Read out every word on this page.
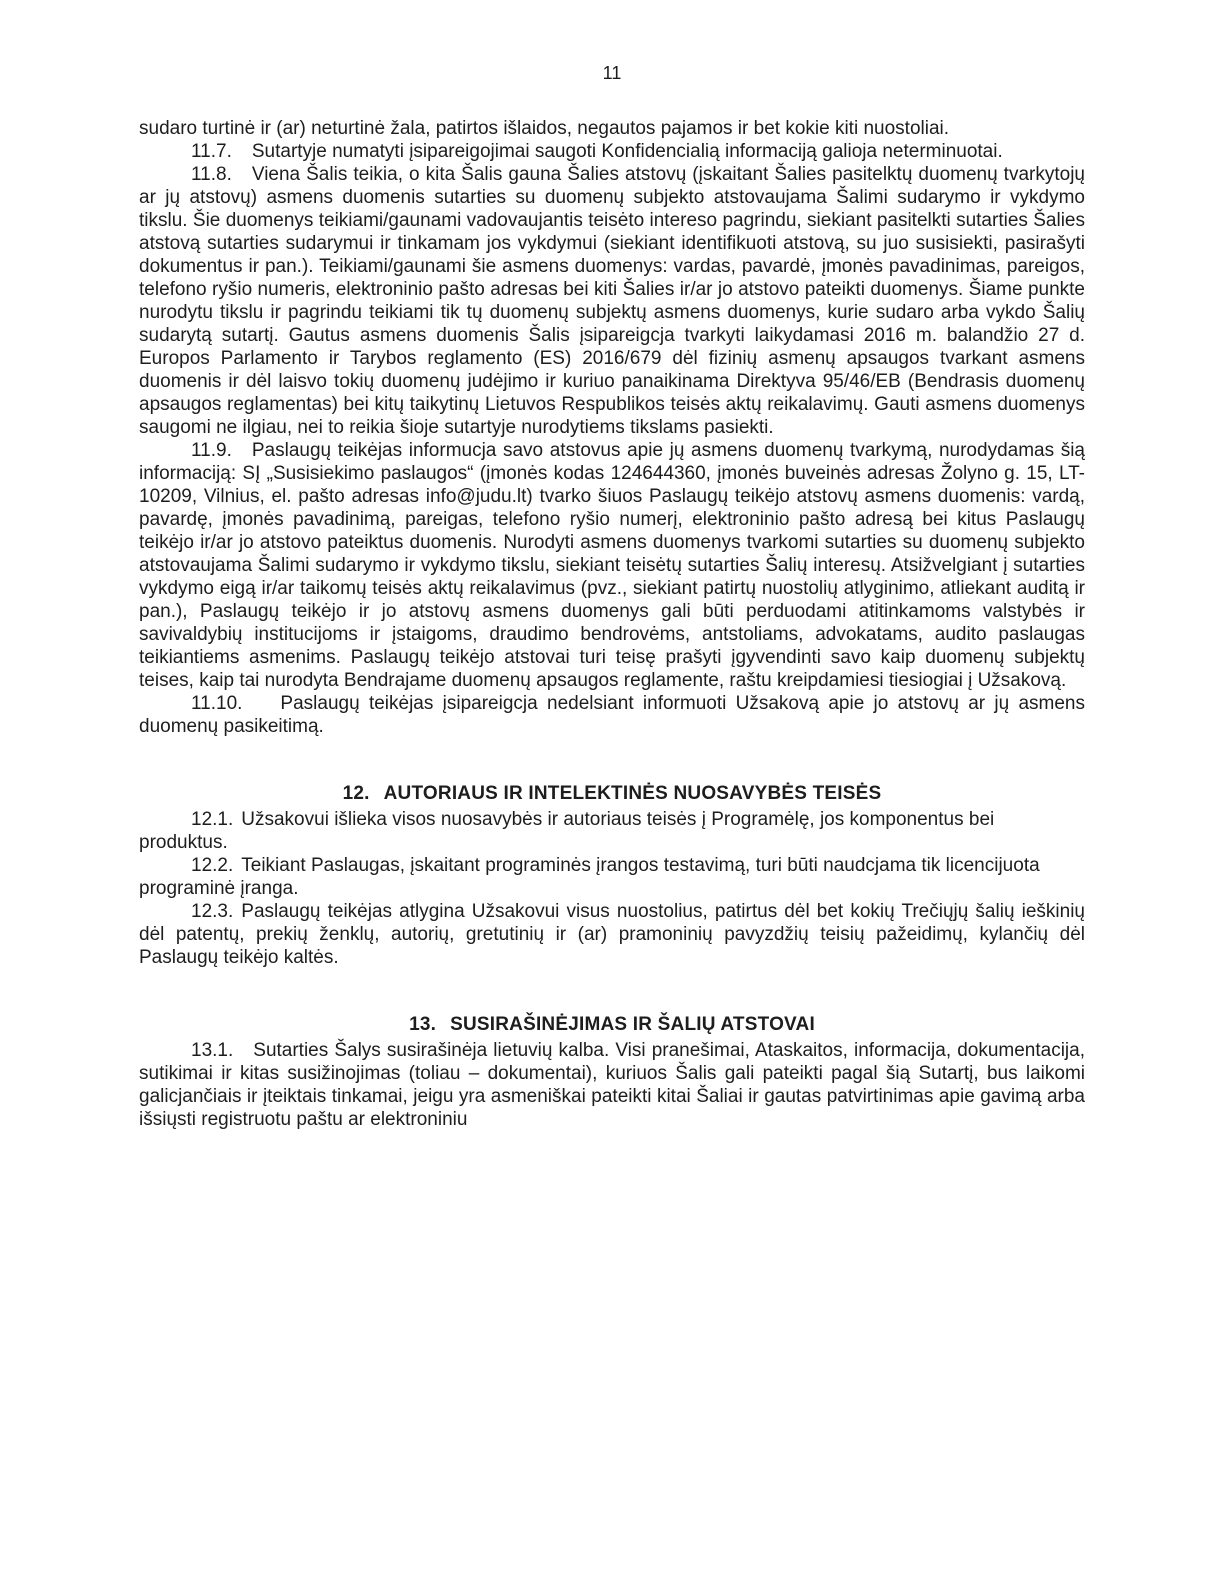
11

sudaro turtinė ir (ar) neturtinė žala, patirtos išlaidos, negautos pajamos ir bet kokie kiti nuostoliai.

11.7. Sutartyje numatyti įsipareigojimai saugoti Konfidencialią informaciją galioja neterminuotai.

11.8. Viena Šalis teikia, o kita Šalis gauna Šalies atstovų (įskaitant Šalies pasitelktų duomenų tvarkytojų ar jų atstovų) asmens duomenis sutarties su duomenų subjekto atstovaujama Šalimi sudarymo ir vykdymo tikslu. Šie duomenys teikiami/gaunami vadovaujantis teisėto intereso pagrindu, siekiant pasitelkti sutarties Šalies atstovą sutarties sudarymui ir tinkamam jos vykdymui (siekiant identifikuoti atstovą, su juo susisiekti, pasirašyti dokumentus ir pan.). Teikiami/gaunami šie asmens duomenys: vardas, pavardė, įmonės pavadinimas, pareigos, telefono ryšio numeris, elektroninio pašto adresas bei kiti Šalies ir/ar jo atstovo pateikti duomenys. Šiame punkte nurodytu tikslu ir pagrindu teikiami tik tų duomenų subjektų asmens duomenys, kurie sudaro arba vykdo Šalių sudarytą sutartį. Gautus asmens duomenis Šalis įsipareigcja tvarkyti laikydamasi 2016 m. balandžio 27 d. Europos Parlamento ir Tarybos reglamento (ES) 2016/679 dėl fizinių asmenų apsaugos tvarkant asmens duomenis ir dėl laisvo tokių duomenų judėjimo ir kuriuo panaikinama Direktyva 95/46/EB (Bendrasis duomenų apsaugos reglamentas) bei kitų taikytinų Lietuvos Respublikos teisės aktų reikalavimų. Gauti asmens duomenys saugomi ne ilgiau, nei to reikia šioje sutartyje nurodytiems tikslams pasiekti.

11.9. Paslaugų teikėjas informucja savo atstovus apie jų asmens duomenų tvarkymą, nurodydamas šią informaciją: SĮ „Susisiekimo paslaugos“ (įmonės kodas 124644360, įmonės buveinės adresas Žolyno g. 15, LT-10209, Vilnius, el. pašto adresas info@judu.lt) tvarko šiuos Paslaugų teikėjo atstovų asmens duomenis: vardą, pavardę, įmonės pavadinimą, pareigas, telefono ryšio numerį, elektroninio pašto adresą bei kitus Paslaugų teikėjo ir/ar jo atstovo pateiktus duomenis. Nurodyti asmens duomenys tvarkomi sutarties su duomenų subjekto atstovaujama Šalimi sudarymo ir vykdymo tikslu, siekiant teisėtų sutarties Šalių interesų. Atsižvelgiant į sutarties vykdymo eigą ir/ar taikomų teisės aktų reikalavimus (pvz., siekiant patirtų nuostolių atlyginimo, atliekant auditą ir pan.), Paslaugų teikėjo ir jo atstovų asmens duomenys gali būti perduodami atitinkamoms valstybės ir savivaldybių institucijoms ir įstaigoms, draudimo bendrovėms, antstoliams, advokatams, audito paslaugas teikiantiems asmenims. Paslaugų teikėjo atstovai turi teisę prašyti įgyvendinti savo kaip duomenų subjektų teises, kaip tai nurodyta Bendrajame duomenų apsaugos reglamente, raštu kreipdamiesi tiesiogiai į Užsakovą.

11.10. Paslaugų teikėjas įsipareigcja nedelsiant informuoti Užsakovą apie jo atstovų ar jų asmens duomenų pasikeitimą.

12. AUTORIAUS IR INTELEKTINĖS NUOSAVYBĖS TEISĖS

12.1. Užsakovui išlieka visos nuosavybės ir autoriaus teisės į Programėlę, jos komponentus bei produktus.

12.2. Teikiant Paslaugas, įskaitant programinės įrangos testavimą, turi būti naudcjama tik licencijuota programinė įranga.

12.3. Paslaugų teikėjas atlygina Užsakovui visus nuostolius, patirtus dėl bet kokių Trečiųjų šalių ieškinių dėl patentų, prekių ženklų, autorių, gretutinių ir (ar) pramoninių pavyzdžių teisių pažeidimų, kylančių dėl Paslaugų teikėjo kaltės.

13. SUSIRAŠINĖJIMAS IR ŠALIŲ ATSTOVAI

13.1. Sutarties Šalys susirašinėja lietuvių kalba. Visi pranešimai, Ataskaitos, informacija, dokumentacija, sutikimai ir kitas susižinojimas (toliau – dokumentai), kuriuos Šalis gali pateikti pagal šią Sutartį, bus laikomi galicjančiais ir įteiktais tinkamai, jeigu yra asmeniškai pateikti kitai Šaliai ir gautas patvirtinimas apie gavimą arba išsiųsti registruotu paštu ar elektroniniu
